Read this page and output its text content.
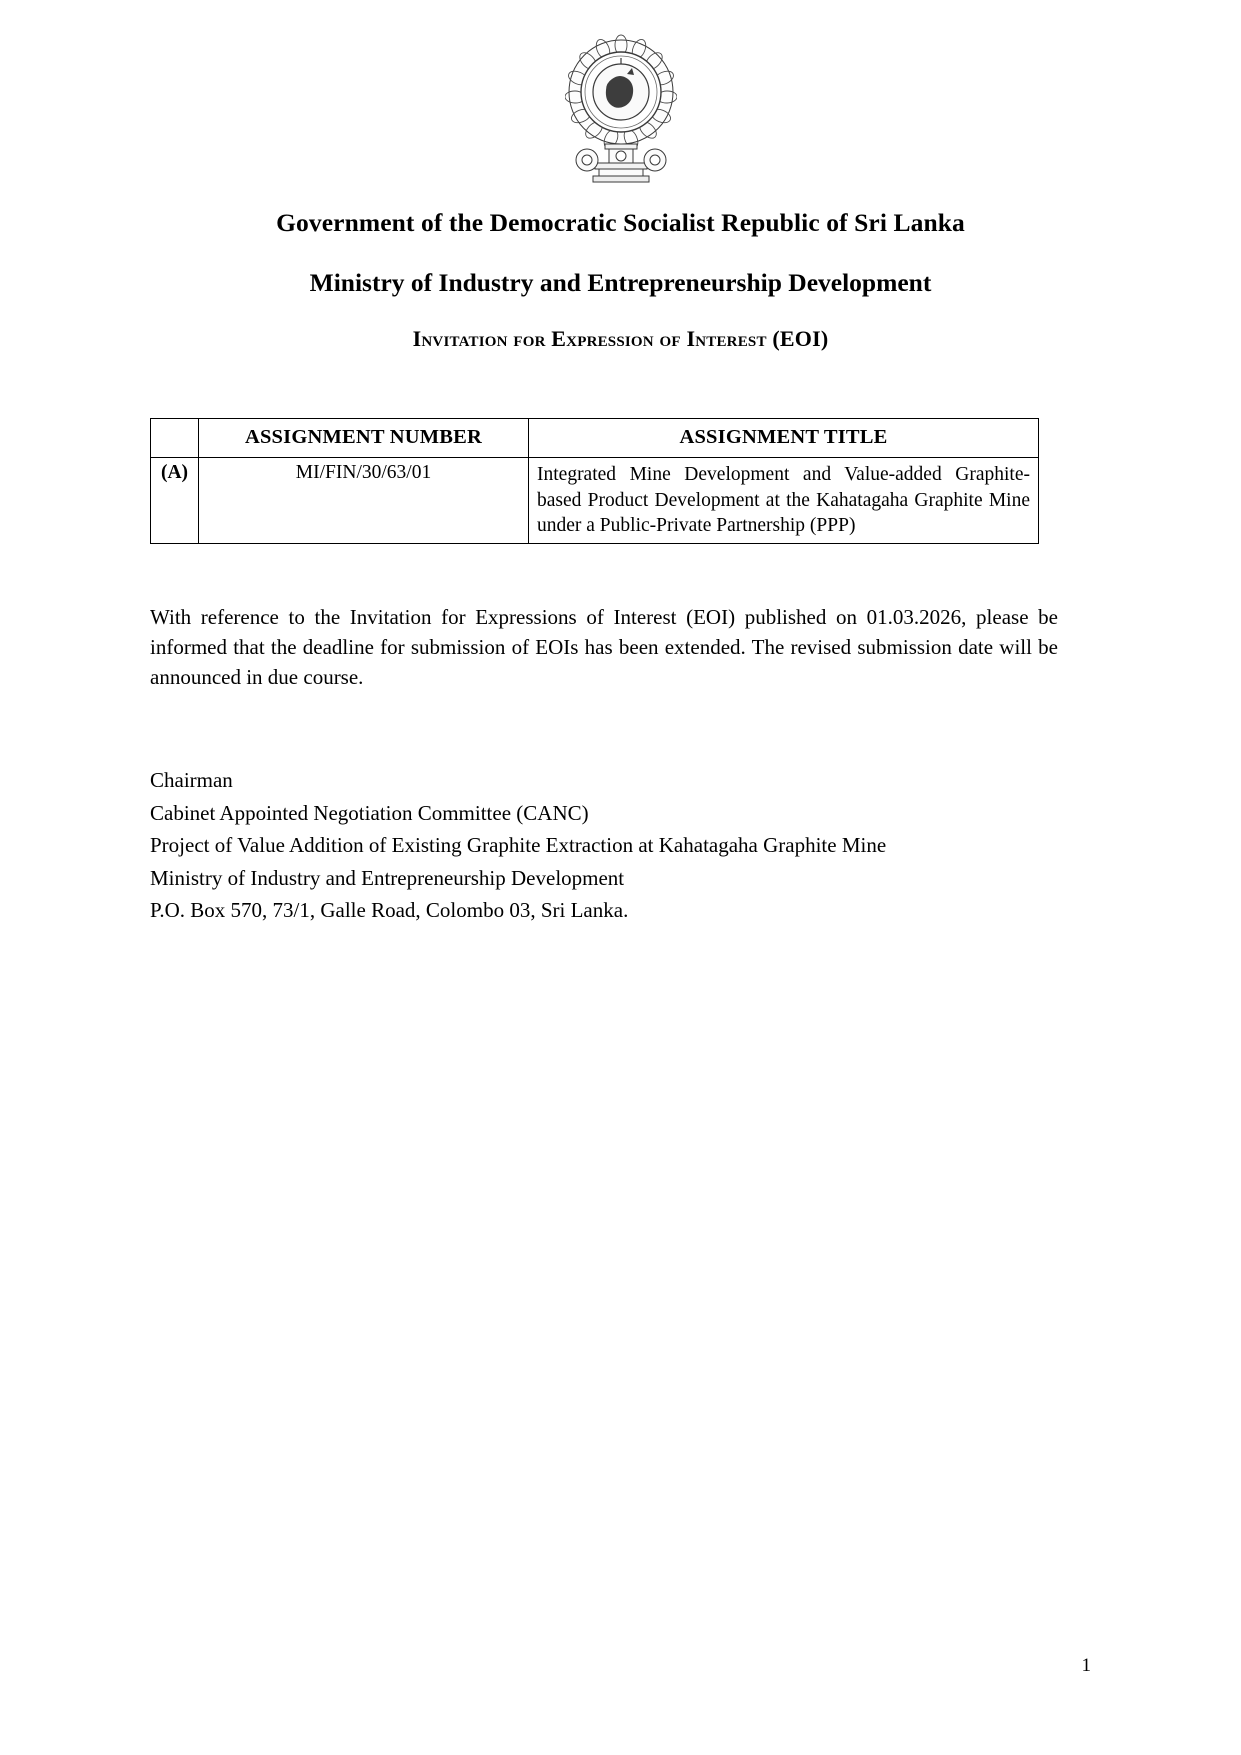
Government of the Democratic Socialist Republic of Sri Lanka
Ministry of Industry and Entrepreneurship Development
Invitation for Expression of Interest (EOI)
	ASSIGNMENT NUMBER	ASSIGNMENT TITLE
(A)	MI/FIN/30/63/01	Integrated Mine Development and Value-added Graphite-based Product Development at the Kahatagaha Graphite Mine under a Public-Private Partnership (PPP)

With reference to the Invitation for Expressions of Interest (EOI) published on 01.03.2026, please be informed that the deadline for submission of EOIs has been extended. The revised submission date will be announced in due course.

Chairman
Cabinet Appointed Negotiation Committee (CANC)
Project of Value Addition of Existing Graphite Extraction at Kahatagaha Graphite Mine
Ministry of Industry and Entrepreneurship Development
P.O. Box 570, 73/1, Galle Road, Colombo 03, Sri Lanka.
1
